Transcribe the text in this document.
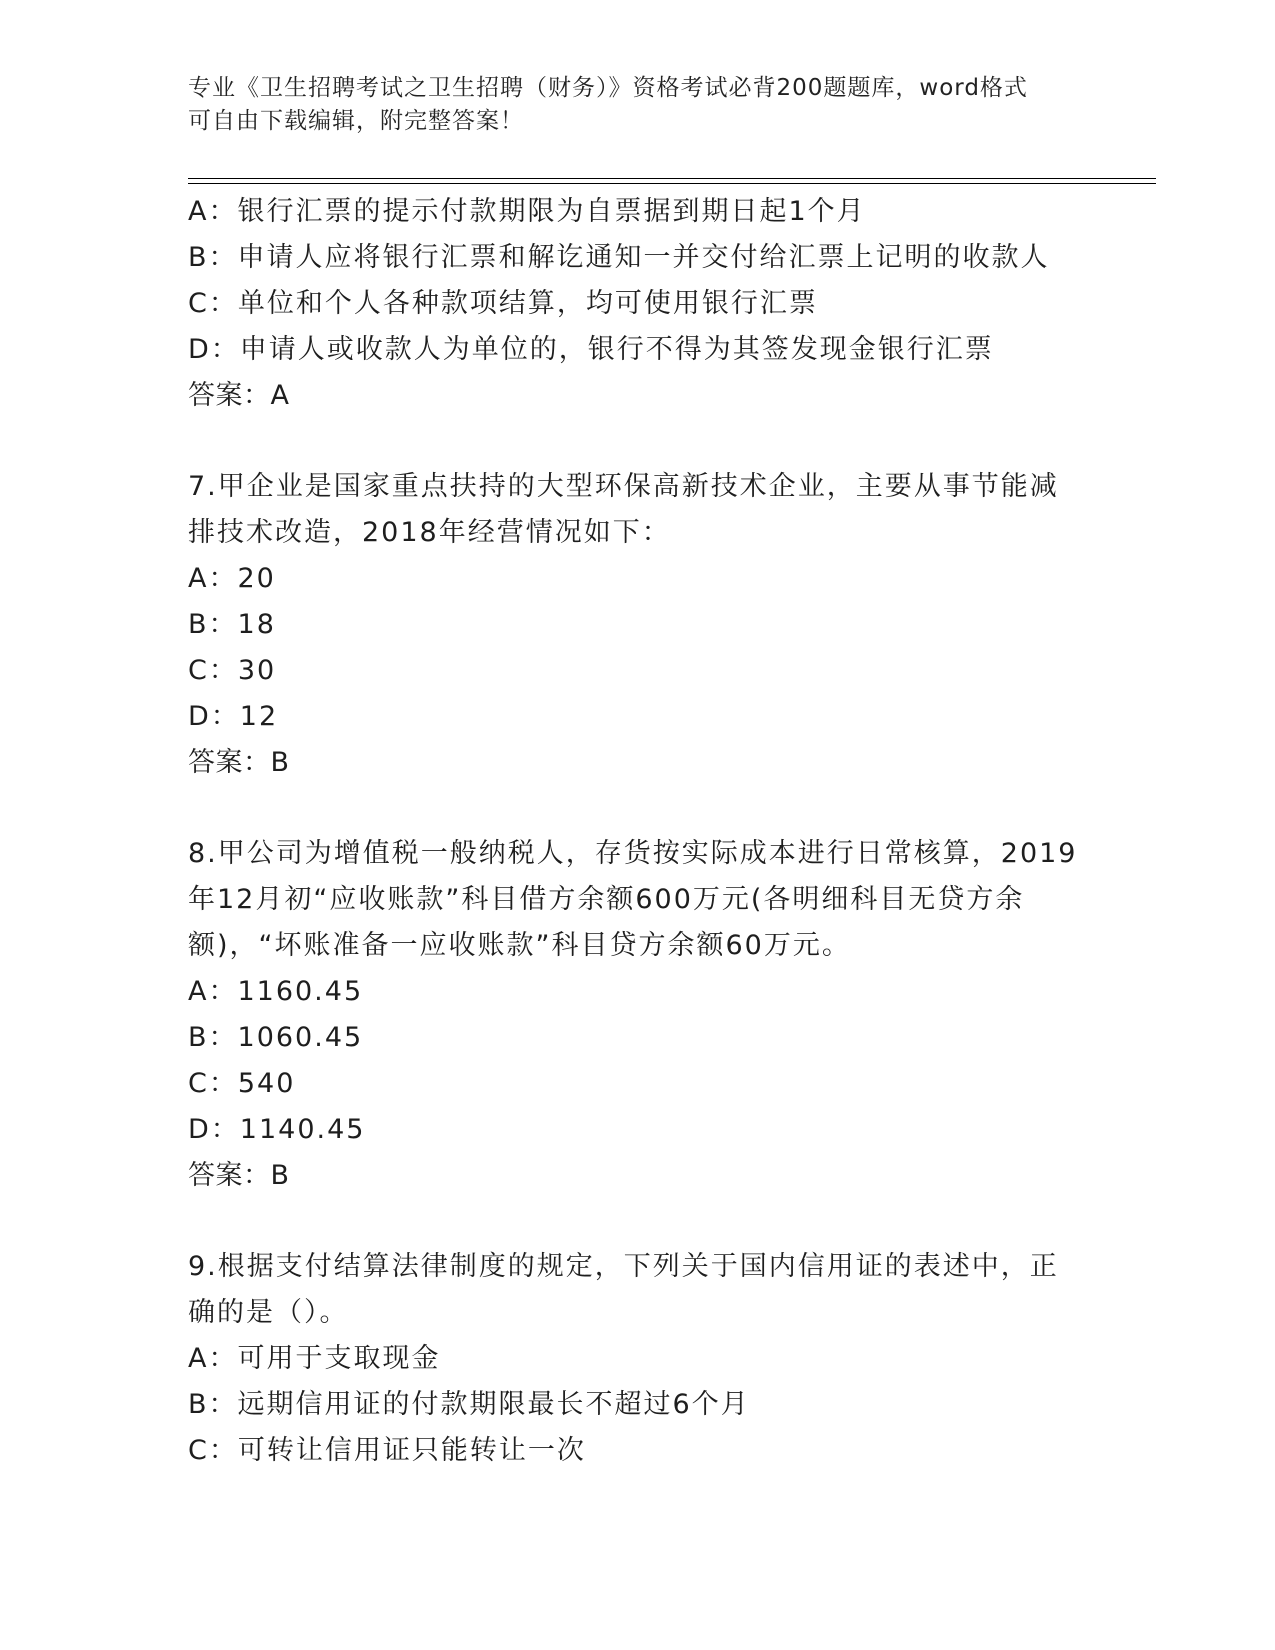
专业《卫生招聘考试之卫生招聘（财务）》资格考试必背200题题库，word格式
可自由下载编辑，附完整答案！
A：银行汇票的提示付款期限为自票据到期日起1个月
B：申请人应将银行汇票和解讫通知一并交付给汇票上记明的收款人
C：单位和个人各种款项结算，均可使用银行汇票
D：申请人或收款人为单位的，银行不得为其签发现金银行汇票
答案：A
7.甲企业是国家重点扶持的大型环保高新技术企业，主要从事节能减
排技术改造，2018年经营情况如下：
A：20
B：18
C：30
D：12
答案：B
8.甲公司为增值税一般纳税人，存货按实际成本进行日常核算，2019
年12月初“应收账款”科目借方余额600万元(各明细科目无贷方余
额)，“坏账准备一应收账款”科目贷方余额60万元。
A：1160.45
B：1060.45
C：540
D：1140.45
答案：B
9.根据支付结算法律制度的规定，下列关于国内信用证的表述中，正
确的是（）。
A：可用于支取现金
B：远期信用证的付款期限最长不超过6个月
C：可转让信用证只能转让一次
